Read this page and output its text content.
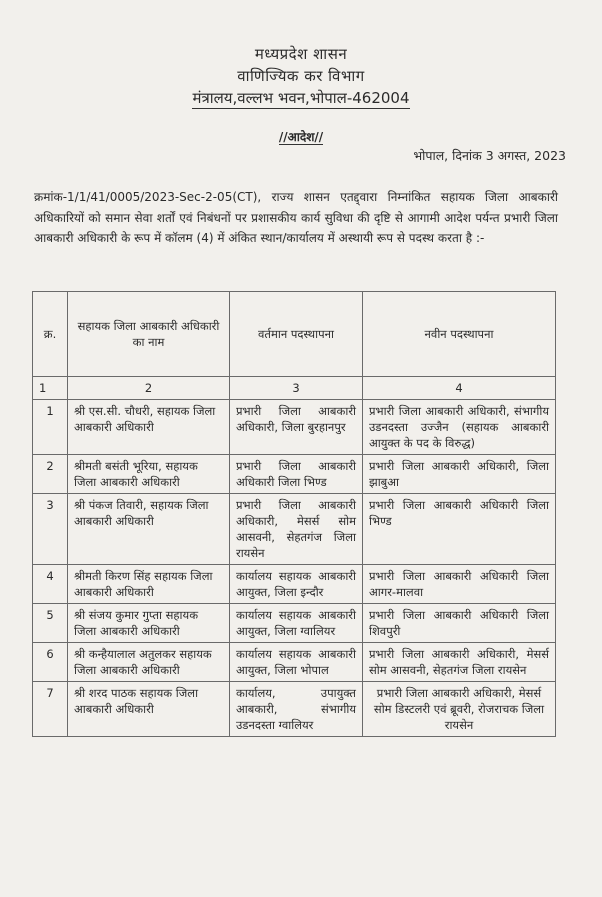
मध्यप्रदेश शासन
वाणिज्यिक कर विभाग
मंत्रालय,वल्लभ भवन,भोपाल-462004
//आदेश//
भोपाल, दिनांक 3 अगस्त, 2023
क्रमांक-1/1/41/0005/2023-Sec-2-05(CT), राज्य शासन एतद्द्वारा निम्नांकित सहायक जिला आबकारी अधिकारियों को समान सेवा शर्तों एवं निबंधनों पर प्रशासकीय कार्य सुविधा की दृष्टि से आगामी आदेश पर्यन्त प्रभारी जिला आबकारी अधिकारी के रूप में कॉलम (4) में अंकित स्थान/कार्यालय में अस्थायी रूप से पदस्थ करता है :-
क्र.	सहायक जिला आबकारी अधिकारी का नाम	वर्तमान पदस्थापना	नवीन पदस्थापना
1	2	3	4
1	श्री एस.सी. चौधरी, सहायक जिला आबकारी अधिकारी	प्रभारी जिला आबकारी अधिकारी, जिला बुरहानपुर	प्रभारी जिला आबकारी अधिकारी, संभागीय उडनदस्ता उज्जैन (सहायक आबकारी आयुक्त के पद के विरुद्ध)
2	श्रीमती बसंती भूरिया, सहायक जिला आबकारी अधिकारी	प्रभारी जिला आबकारी अधिकारी जिला भिण्ड	प्रभारी जिला आबकारी अधिकारी, जिला झाबुआ
3	श्री पंकज तिवारी, सहायक जिला आबकारी अधिकारी	प्रभारी जिला आबकारी अधिकारी, मेसर्स सोम आसवनी, सेहतगंज जिला रायसेन	प्रभारी जिला आबकारी अधिकारी जिला भिण्ड
4	श्रीमती किरण सिंह सहायक जिला आबकारी अधिकारी	कार्यालय सहायक आबकारी आयुक्त, जिला इन्दौर	प्रभारी जिला आबकारी अधिकारी जिला आगर-मालवा
5	श्री संजय कुमार गुप्ता सहायक जिला आबकारी अधिकारी	कार्यालय सहायक आबकारी आयुक्त, जिला ग्वालियर	प्रभारी जिला आबकारी अधिकारी जिला शिवपुरी
6	श्री कन्हैयालाल अतुलकर सहायक जिला आबकारी अधिकारी	कार्यालय सहायक आबकारी आयुक्त, जिला भोपाल	प्रभारी जिला आबकारी अधिकारी, मेसर्स सोम आसवनी, सेहतगंज जिला रायसेन
7	श्री शरद पाठक सहायक जिला आबकारी अधिकारी	कार्यालय, उपायुक्त आबकारी, संभागीय उडनदस्ता ग्वालियर	प्रभारी जिला आबकारी अधिकारी, मेसर्स सोम डिस्टलरी एवं ब्रूवरी, रोजराचक जिला रायसेन
